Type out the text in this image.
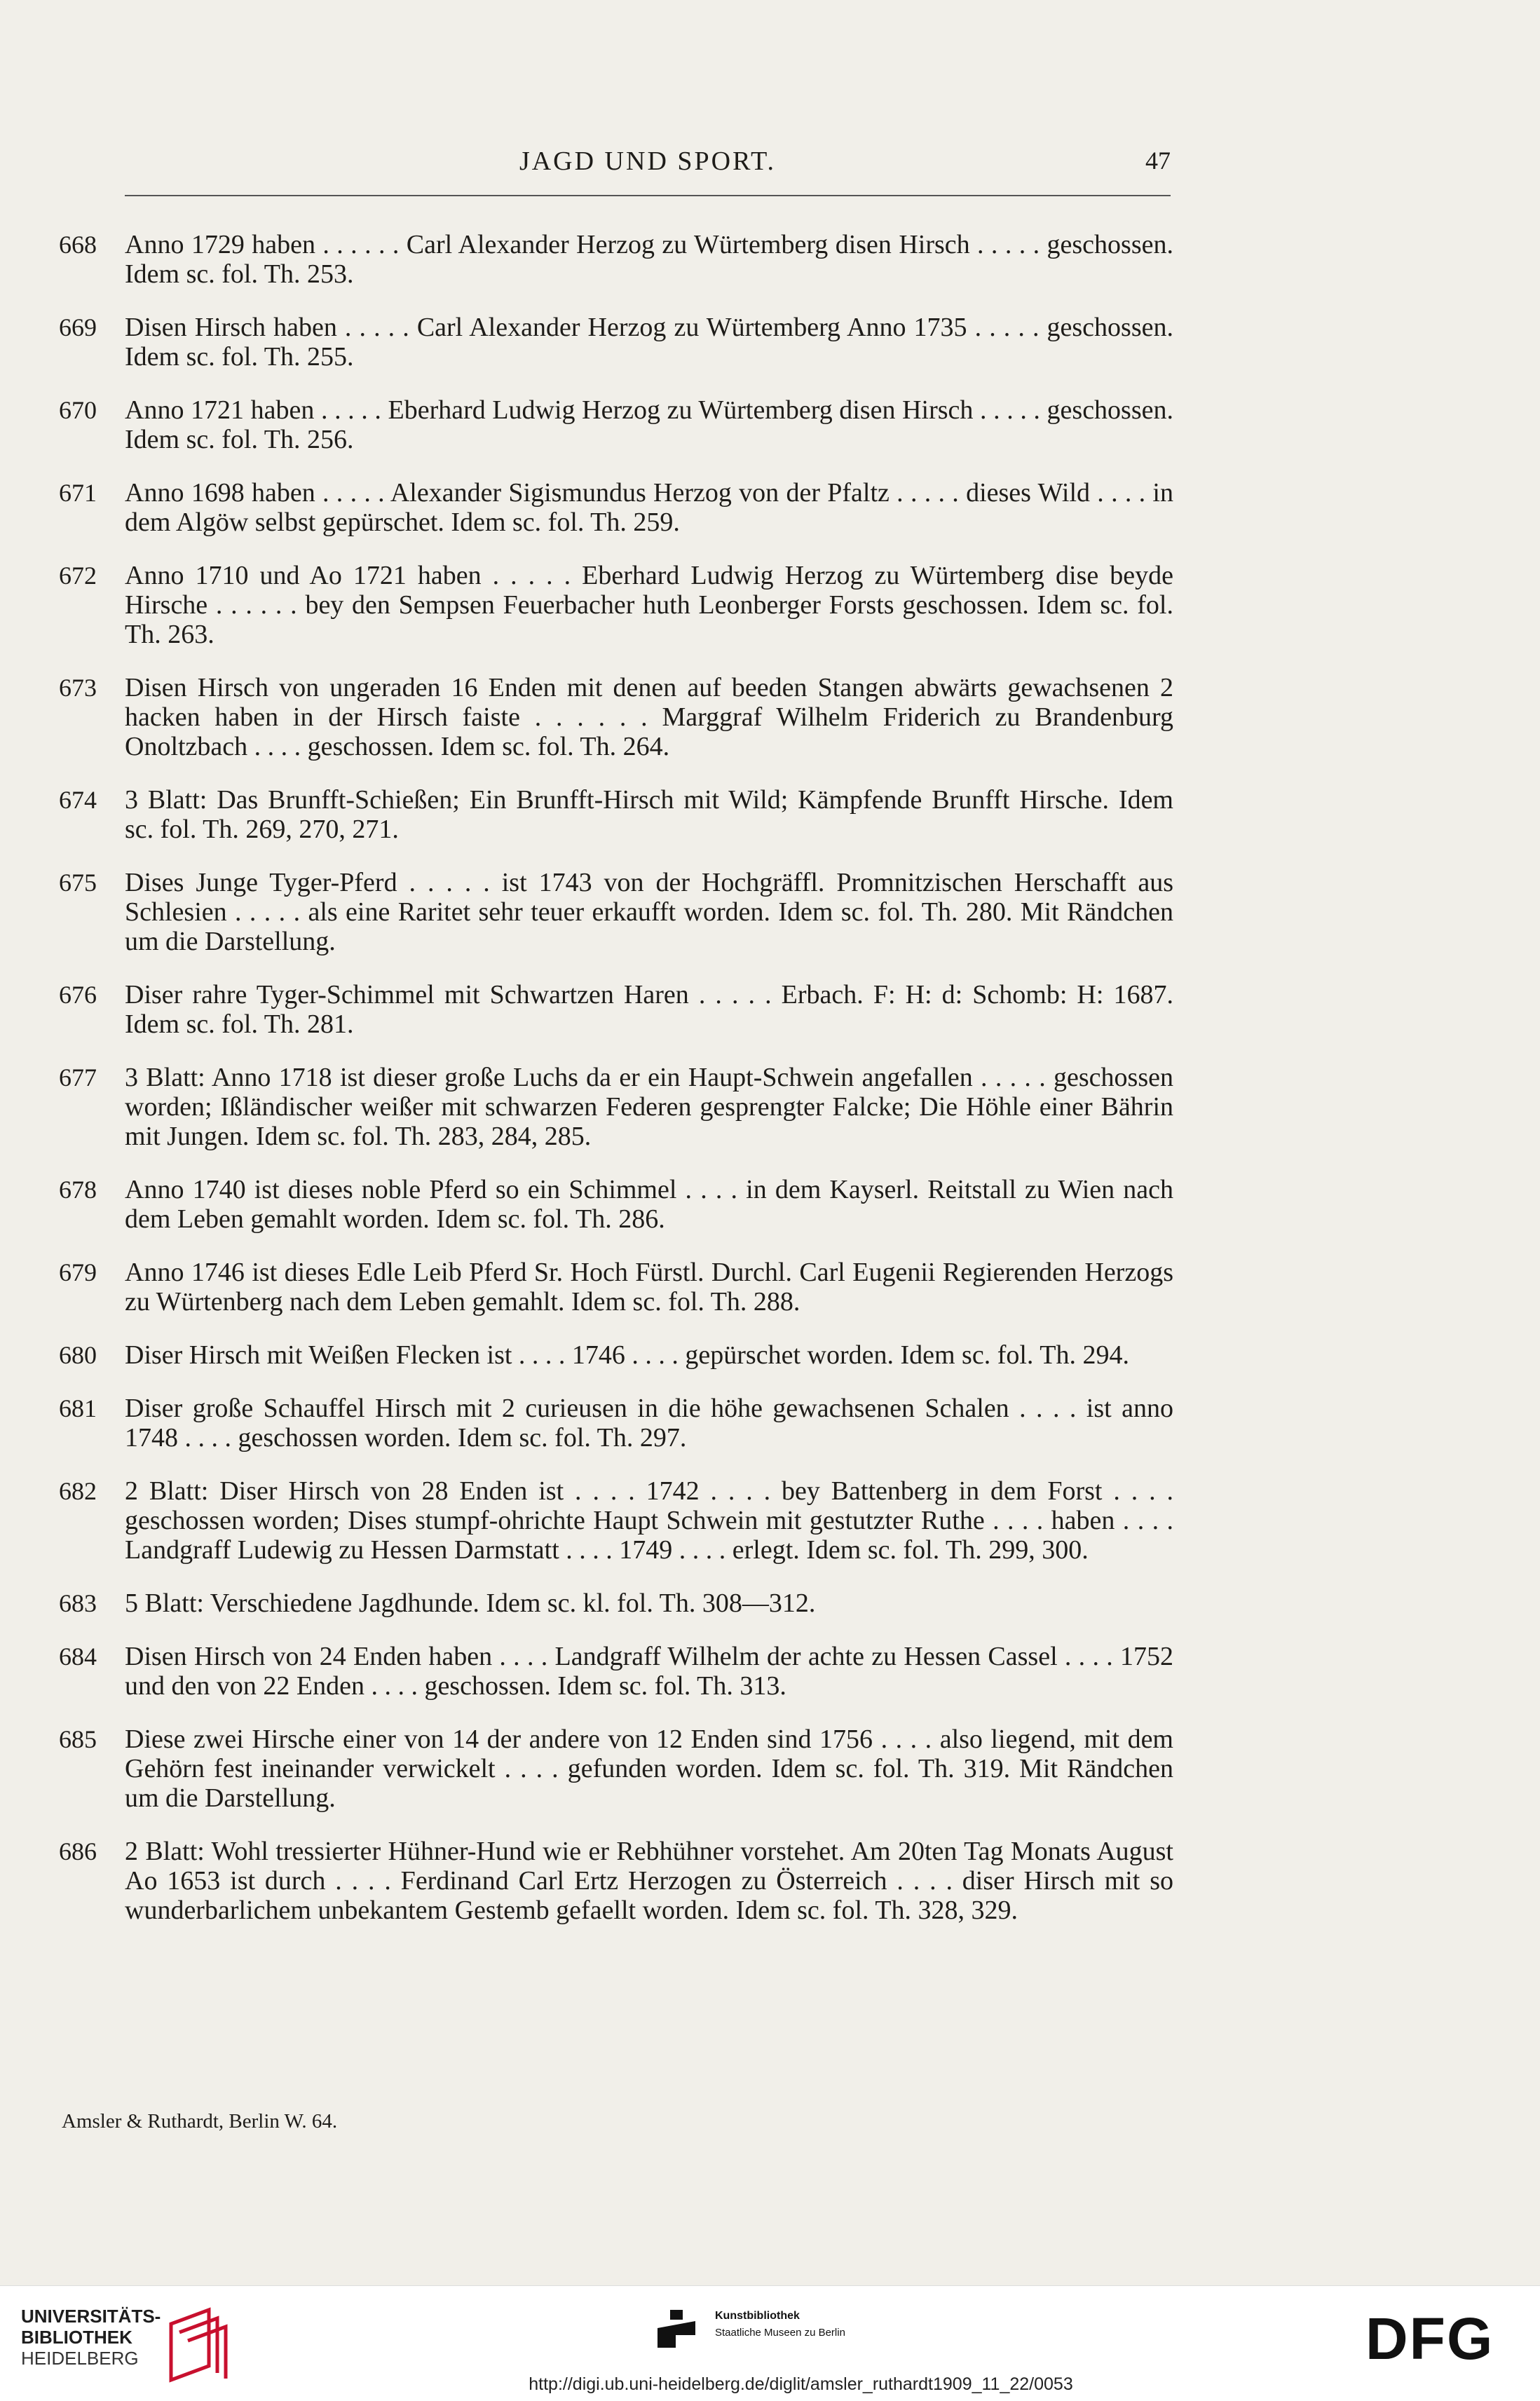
JAGD UND SPORT.	47
668 Anno 1729 haben . . . . . . Carl Alexander Herzog zu Würtemberg disen Hirsch . . . . . geschossen. Idem sc. fol. Th. 253.
669 Disen Hirsch haben . . . . . Carl Alexander Herzog zu Würtemberg Anno 1735 . . . . . geschossen. Idem sc. fol. Th. 255.
670 Anno 1721 haben . . . . . Eberhard Ludwig Herzog zu Würtemberg disen Hirsch . . . . . geschossen. Idem sc. fol. Th. 256.
671 Anno 1698 haben . . . . . Alexander Sigismundus Herzog von der Pfaltz . . . . . dieses Wild . . . . in dem Algöw selbst gepürschet. Idem sc. fol. Th. 259.
672 Anno 1710 und Ao 1721 haben . . . . . Eberhard Ludwig Herzog zu Würtemberg dise beyde Hirsche . . . . . . bey den Sempsen Feuerbacher huth Leonberger Forsts geschossen. Idem sc. fol. Th. 263.
673 Disen Hirsch von ungeraden 16 Enden mit denen auf beeden Stangen abwärts gewachsenen 2 hacken haben in der Hirsch faiste . . . . . . Marggraf Wilhelm Friderich zu Brandenburg Onoltzbach . . . . geschossen. Idem sc. fol. Th. 264.
674 3 Blatt: Das Brunfft-Schießen; Ein Brunfft-Hirsch mit Wild; Kämpfende Brunfft Hirsche. Idem sc. fol. Th. 269, 270, 271.
675 Dises Junge Tyger-Pferd . . . . . ist 1743 von der Hochgräffl. Promnitzischen Herschafft aus Schlesien . . . . . als eine Raritet sehr teuer erkaufft worden. Idem sc. fol. Th. 280. Mit Rändchen um die Darstellung.
676 Diser rahre Tyger-Schimmel mit Schwartzen Haren . . . . . Erbach. F: H: d: Schomb: H: 1687. Idem sc. fol. Th. 281.
677 3 Blatt: Anno 1718 ist dieser große Luchs da er ein Haupt-Schwein angefallen . . . . . geschossen worden; Ißländischer weißer mit schwarzen Federen gesprengter Falcke; Die Höhle einer Bährin mit Jungen. Idem sc. fol. Th. 283, 284, 285.
678 Anno 1740 ist dieses noble Pferd so ein Schimmel . . . . in dem Kayserl. Reitstall zu Wien nach dem Leben gemahlt worden. Idem sc. fol. Th. 286.
679 Anno 1746 ist dieses Edle Leib Pferd Sr. Hoch Fürstl. Durchl. Carl Eugenii Regierenden Herzogs zu Würtenberg nach dem Leben gemahlt. Idem sc. fol. Th. 288.
680 Diser Hirsch mit Weißen Flecken ist . . . . 1746 . . . . gepürschet worden. Idem sc. fol. Th. 294.
681 Diser große Schauffel Hirsch mit 2 curieusen in die höhe gewachsenen Schalen . . . . ist anno 1748 . . . . geschossen worden. Idem sc. fol. Th. 297.
682 2 Blatt: Diser Hirsch von 28 Enden ist . . . . 1742 . . . . bey Battenberg in dem Forst . . . . geschossen worden; Dises stumpf-ohrichte Haupt Schwein mit gestutzter Ruthe . . . . haben . . . . Landgraff Ludewig zu Hessen Darmstatt . . . . 1749 . . . . erlegt. Idem sc. fol. Th. 299, 300.
683 5 Blatt: Verschiedene Jagdhunde. Idem sc. kl. fol. Th. 308—312.
684 Disen Hirsch von 24 Enden haben . . . . Landgraff Wilhelm der achte zu Hessen Cassel . . . . 1752 und den von 22 Enden . . . . geschossen. Idem sc. fol. Th. 313.
685 Diese zwei Hirsche einer von 14 der andere von 12 Enden sind 1756 . . . . also liegend, mit dem Gehörn fest ineinander verwickelt . . . . gefunden worden. Idem sc. fol. Th. 319. Mit Rändchen um die Darstellung.
686 2 Blatt: Wohl tressierter Hühner-Hund wie er Rebhühner vorstehet. Am 20ten Tag Monats August Ao 1653 ist durch . . . . Ferdinand Carl Ertz Herzogen zu Österreich . . . . diser Hirsch mit so wunderbarlichem unbekantem Gestemb gefaellt worden. Idem sc. fol. Th. 328, 329.
Amsler & Ruthardt, Berlin W. 64.
UNIVERSITÄTS-
BIBLIOTHEK
HEIDELBERG
Kunstbibliothek
Staatliche Museen zu Berlin	DFG
http://digi.ub.uni-heidelberg.de/diglit/amsler_ruthardt1909_11_22/0053
